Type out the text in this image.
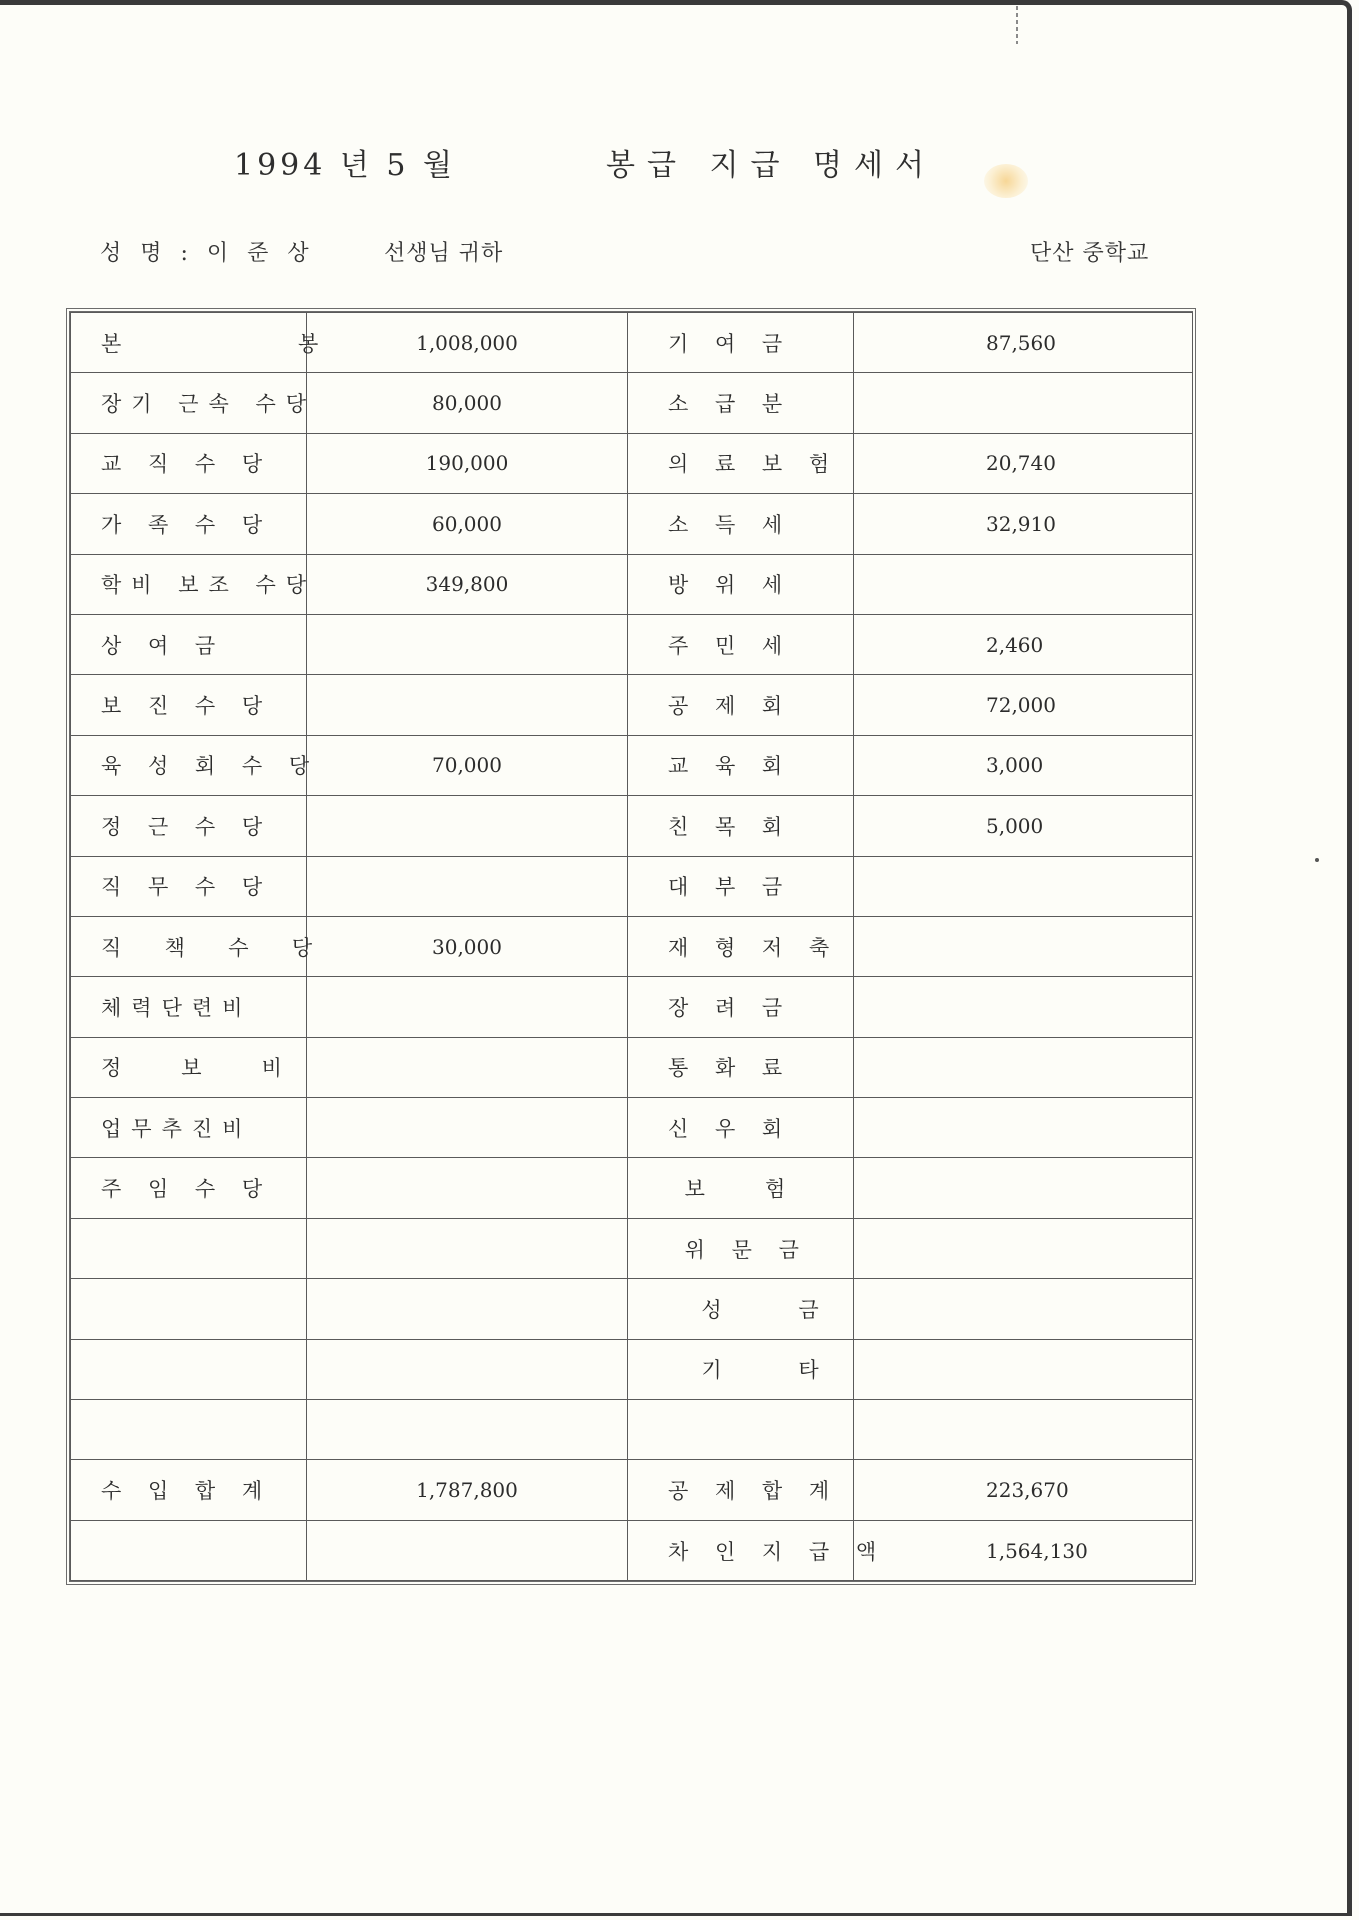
1994 년 5 월	봉급 지급 명세서
성 명 : 이 준 상	선생님 귀하	단산 중학교
본          봉	1,008,000	기 여 금	87,560
장기 근속 수당	80,000	소 급 분	
교 직 수 당	190,000	의 료 보 험	20,740
가 족 수 당	60,000	소 득 세	32,910
학비 보조 수당	349,800	방 위 세	
상 여 금		주 민 세	2,460
보 진 수 당		공 제 회	72,000
육 성 회 수 당	70,000	교 육 회	3,000
정 근 수 당		친 목 회	5,000
직 무 수 당		대 부 금	
직  책  수  당	30,000	재 형 저 축	
체력단련비		장 려 금	
정   보   비		통 화 료	
업무추진비		신 우 회	
주 임 수 당		보   험	
		위 문 금	
		성    금	
		기    타	

수 입 합 계	1,787,800	공 제 합 계	223,670
		차 인 지 급 액	1,564,130
